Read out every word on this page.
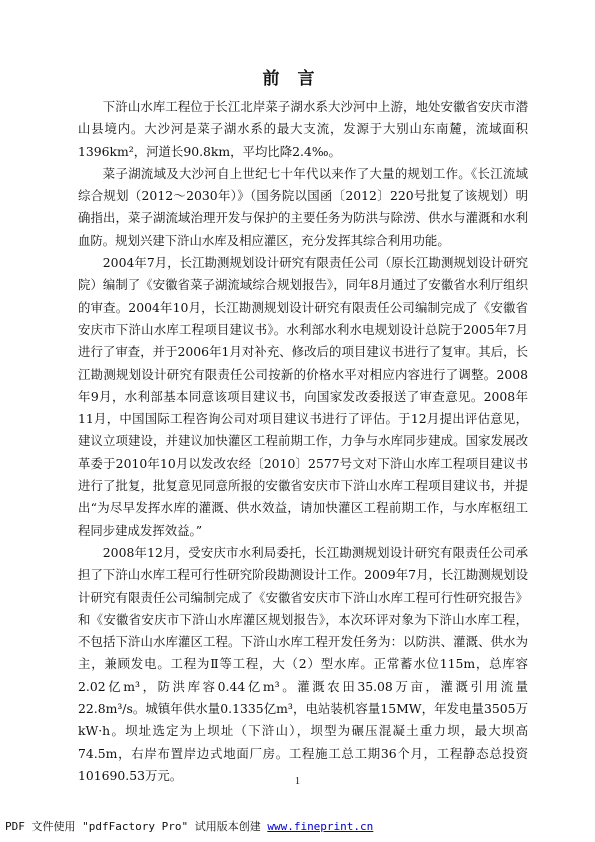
前言

下浒山水库工程位于长江北岸菜子湖水系大沙河中上游，地处安徽省安庆市潜山县境内。大沙河是菜子湖水系的最大支流，发源于大别山东南麓，流域面积1396km²，河道长90.8km，平均比降2.4‰。

菜子湖流域及大沙河自上世纪七十年代以来作了大量的规划工作。《长江流域综合规划（2012～2030年）》（国务院以国函〔2012〕220号批复了该规划）明确指出，菜子湖流域治理开发与保护的主要任务为防洪与除涝、供水与灌溉和水利血防。规划兴建下浒山水库及相应灌区，充分发挥其综合利用功能。

2004年7月，长江勘测规划设计研究有限责任公司（原长江勘测规划设计研究院）编制了《安徽省菜子湖流域综合规划报告》，同年8月通过了安徽省水利厅组织的审查。2004年10月，长江勘测规划设计研究有限责任公司编制完成了《安徽省安庆市下浒山水库工程项目建议书》。水利部水利水电规划设计总院于2005年7月进行了审查，并于2006年1月对补充、修改后的项目建议书进行了复审。其后，长江勘测规划设计研究有限责任公司按新的价格水平对相应内容进行了调整。2008年9月，水利部基本同意该项目建议书，向国家发改委报送了审查意见。2008年11月，中国国际工程咨询公司对项目建议书进行了评估。于12月提出评估意见，建议立项建设，并建议加快灌区工程前期工作，力争与水库同步建成。国家发展改革委于2010年10月以发改农经〔2010〕2577号文对下浒山水库工程项目建议书进行了批复，批复意见同意所报的安徽省安庆市下浒山水库工程项目建议书，并提出“为尽早发挥水库的灌溉、供水效益，请加快灌区工程前期工作，与水库枢纽工程同步建成发挥效益。”

2008年12月，受安庆市水利局委托，长江勘测规划设计研究有限责任公司承担了下浒山水库工程可行性研究阶段勘测设计工作。2009年7月，长江勘测规划设计研究有限责任公司编制完成了《安徽省安庆市下浒山水库工程可行性研究报告》和《安徽省安庆市下浒山水库灌区规划报告》，本次环评对象为下浒山水库工程，不包括下浒山水库灌区工程。下浒山水库工程开发任务为：以防洪、灌溉、供水为主，兼顾发电。工程为Ⅱ等工程，大（2）型水库。正常蓄水位115m，总库容2.02亿m³，防洪库容0.44亿m³。灌溉农田35.08万亩，灌溉引用流量22.8m³/s。城镇年供水量0.1335亿m³，电站装机容量15MW，年发电量3505万kW·h。坝址选定为上坝址（下浒山），坝型为碾压混凝土重力坝，最大坝高74.5m，右岸布置岸边式地面厂房。工程施工总工期36个月，工程静态总投资101690.53万元。	1
PDF 文件使用 "pdfFactory Pro" 试用版本创建 www.fineprint.cn
